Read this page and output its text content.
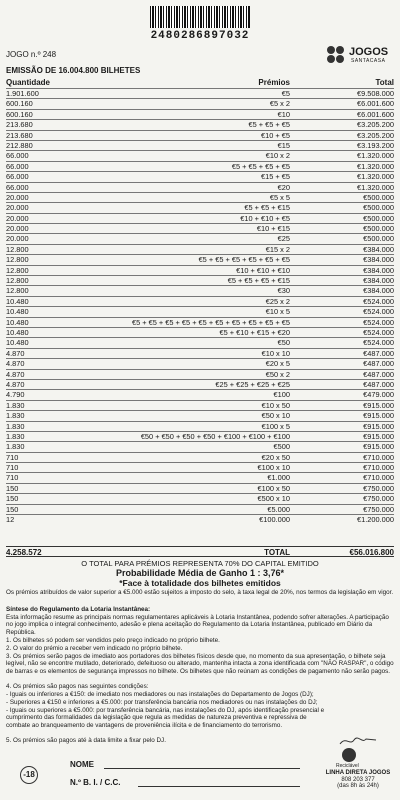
2480286897032
JOGO n.º 248	JOGOS
SANTACASA
EMISSÃO DE 16.004.800 BILHETES
Quantidade	Prémios	Total
1.901.600	€5	€9.508.000
600.160	€5 x 2	€6.001.600
600.160	€10	€6.001.600
213.680	€5 + €5 + €5	€3.205.200
213.680	€10 + €5	€3.205.200
212.880	€15	€3.193.200
66.000	€10 x 2	€1.320.000
66.000	€5 + €5 + €5 + €5	€1.320.000
66.000	€15 + €5	€1.320.000
66.000	€20	€1.320.000
20.000	€5 x 5	€500.000
20.000	€5 + €5 + €15	€500.000
20.000	€10 + €10 + €5	€500.000
20.000	€10 + €15	€500.000
20.000	€25	€500.000
12.800	€15 x 2	€384.000
12.800	€5 + €5 + €5 + €5 + €5 + €5	€384.000
12.800	€10 + €10 + €10	€384.000
12.800	€5 + €5 + €5 + €15	€384.000
12.800	€30	€384.000
10.480	€25 x 2	€524.000
10.480	€10 x 5	€524.000
10.480	€5 + €5 + €5 + €5 + €5 + €5 + €5 + €5 + €5 + €5	€524.000
10.480	€5 + €10 + €15 + €20	€524.000
10.480	€50	€524.000
4.870	€10 x 10	€487.000
4.870	€20 x 5	€487.000
4.870	€50 x 2	€487.000
4.870	€25 + €25 + €25 + €25	€487.000
4.790	€100	€479.000
1.830	€10 x 50	€915.000
1.830	€50 x 10	€915.000
1.830	€100 x 5	€915.000
1.830	€50 + €50 + €50 + €50 + €100 + €100 + €100	€915.000
1.830	€500	€915.000
710	€20 x 50	€710.000
710	€100 x 10	€710.000
710	€1.000	€710.000
150	€100 x 50	€750.000
150	€500 x 10	€750.000
150	€5.000	€750.000
12	€100.000	€1.200.000
4.258.572	TOTAL	€56.016.800
O TOTAL PARA PRÉMIOS REPRESENTA 70% DO CAPITAL EMITIDO
Probabilidade Média de Ganho 1 : 3,76*
*Face à totalidade dos bilhetes emitidos
Os prémios atribuídos de valor superior a €5.000 estão sujeitos a imposto do selo, à taxa legal de 20%, nos termos da legislação em vigor.
Síntese do Regulamento da Lotaria Instantânea:
Esta informação resume as principais normas regulamentares aplicáveis à Lotaria Instantânea, podendo sofrer alterações. A participação no jogo implica o integral conhecimento, adesão e plena aceitação do Regulamento da Lotaria Instantânea, publicado em Diário da República.
1. Os bilhetes só podem ser vendidos pelo preço indicado no próprio bilhete.
2. O valor do prémio a receber vem indicado no próprio bilhete.
3. Os prémios serão pagos de imediato aos portadores dos bilhetes físicos desde que, no momento da sua apresentação, o bilhete seja legível, não se encontre mutilado, deteriorado, defeituoso ou alterado, mantenha intacta a zona identificada com "NÃO RASPAR", o código de barras e os elementos de segurança impressos no bilhete. Os bilhetes que não reúnam as condições de pagamento não serão pagos.
4. Os prémios são pagos nas seguintes condições:
- Iguais ou inferiores a €150: de imediato nos mediadores ou nas instalações do Departamento de Jogos (DJ);
- Superiores a €150 e inferiores a €5.000: por transferência bancária nos mediadores ou nas instalações do DJ;
- Iguais ou superiores a €5.000: por transferência bancária, nas instalações do DJ, após identificação presencial e cumprimento das formalidades da legislação que regula as medidas de natureza preventiva e repressiva de combate ao branqueamento de vantagens de proveniência ilícita e de financiamento do terrorismo.
5. Os prémios são pagos até à data limite a fixar pelo DJ.
NOME
N.º B. I. / C.C.
-18
Reciclável
LINHA DIRETA JOGOS
808 203 377
(das 8h às 24h)
